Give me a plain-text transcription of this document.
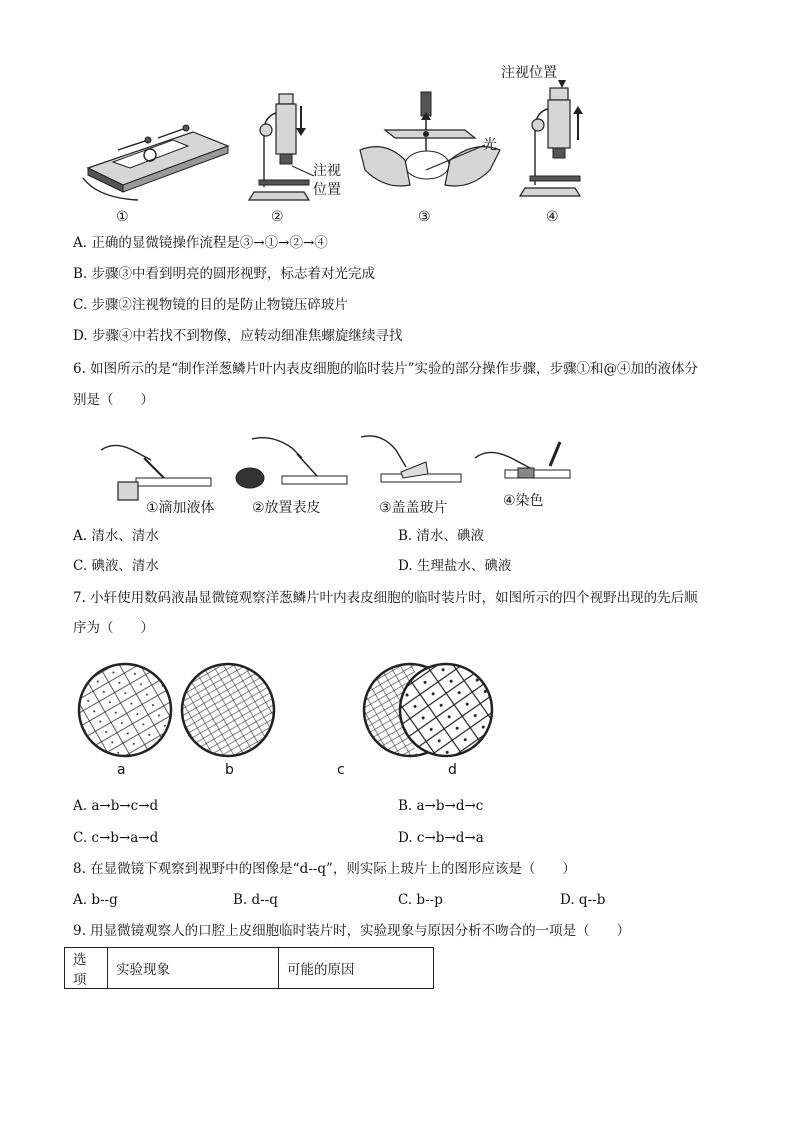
注视
位置
光
注视位置
①	②	③	④
A. 正确的显微镜操作流程是③→①→②→④
B. 步骤③中看到明亮的圆形视野，标志着对光完成
C. 步骤②注视物镜的目的是防止物镜压碎玻片
D. 步骤④中若找不到物像，应转动细准焦螺旋继续寻找
6. 如图所示的是“制作洋葱鳞片叶内表皮细胞的临时装片”实验的部分操作步骤，步骤①和@④加的液体分
别是（　　）
①滴加液体	②放置表皮	③盖盖玻片	④染色
A. 清水、清水	B. 清水、碘液
C. 碘液、清水	D. 生理盐水、碘液
7. 小轩使用数码液晶显微镜观察洋葱鳞片叶内表皮细胞的临时装片时，如图所示的四个视野出现的先后顺
序为（　　）
a	b	c	d
A. a→b→c→d	B. a→b→d→c
C. c→b→a→d	D. c→b→d→a
8. 在显微镜下观察到视野中的图像是“d--q”，则实际上玻片上的图形应该是（　　）
A. b--g	B. d--q	C. b--p	D. q--b
9. 用显微镜观察人的口腔上皮细胞临时装片时，实验现象与原因分析不吻合的一项是（　　）
选项	实验现象	可能的原因
